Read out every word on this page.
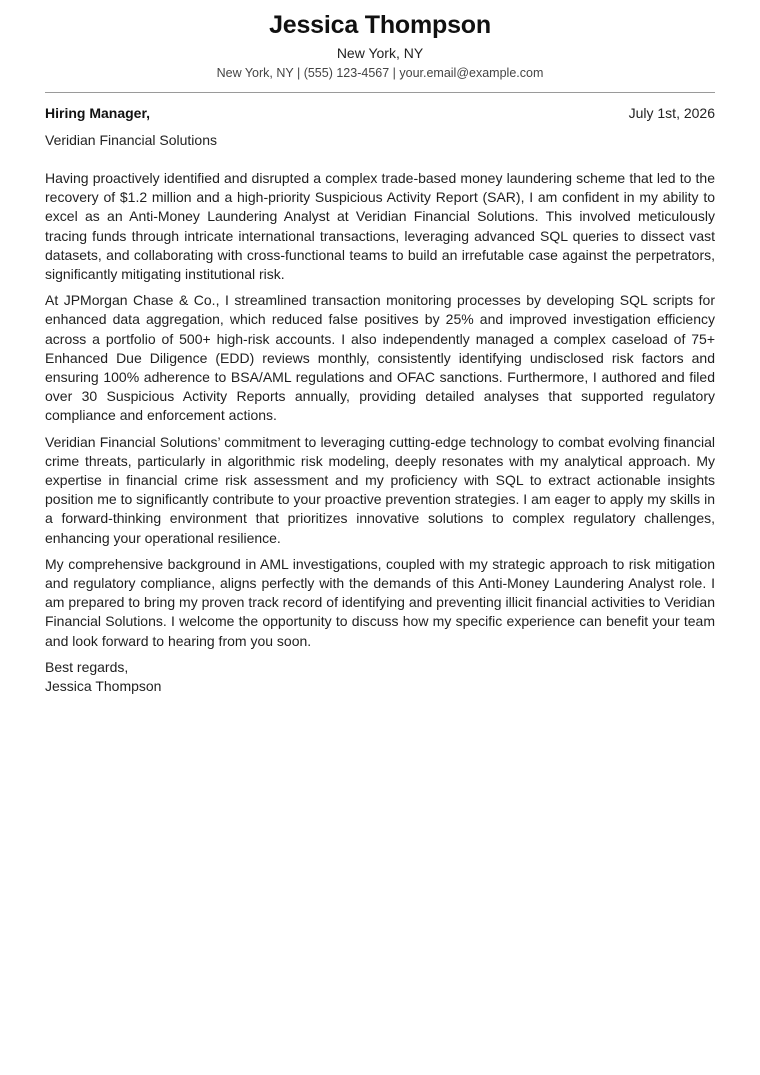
Jessica Thompson
New York, NY
New York, NY | (555) 123-4567 | your.email@example.com
Hiring Manager,	July 1st, 2026
Veridian Financial Solutions

Having proactively identified and disrupted a complex trade-based money laundering scheme that led to the recovery of $1.2 million and a high-priority Suspicious Activity Report (SAR), I am confident in my ability to excel as an Anti-Money Laundering Analyst at Veridian Financial Solutions. This involved meticulously tracing funds through intricate international transactions, leveraging advanced SQL queries to dissect vast datasets, and collaborating with cross-functional teams to build an irrefutable case against the perpetrators, significantly mitigating institutional risk.

At JPMorgan Chase & Co., I streamlined transaction monitoring processes by developing SQL scripts for enhanced data aggregation, which reduced false positives by 25% and improved investigation efficiency across a portfolio of 500+ high-risk accounts. I also independently managed a complex caseload of 75+ Enhanced Due Diligence (EDD) reviews monthly, consistently identifying undisclosed risk factors and ensuring 100% adherence to BSA/AML regulations and OFAC sanctions. Furthermore, I authored and filed over 30 Suspicious Activity Reports annually, providing detailed analyses that supported regulatory compliance and enforcement actions.

Veridian Financial Solutions’ commitment to leveraging cutting-edge technology to combat evolving financial crime threats, particularly in algorithmic risk modeling, deeply resonates with my analytical approach. My expertise in financial crime risk assessment and my proficiency with SQL to extract actionable insights position me to significantly contribute to your proactive prevention strategies. I am eager to apply my skills in a forward-thinking environment that prioritizes innovative solutions to complex regulatory challenges, enhancing your operational resilience.

My comprehensive background in AML investigations, coupled with my strategic approach to risk mitigation and regulatory compliance, aligns perfectly with the demands of this Anti-Money Laundering Analyst role. I am prepared to bring my proven track record of identifying and preventing illicit financial activities to Veridian Financial Solutions. I welcome the opportunity to discuss how my specific experience can benefit your team and look forward to hearing from you soon.

Best regards,
Jessica Thompson
